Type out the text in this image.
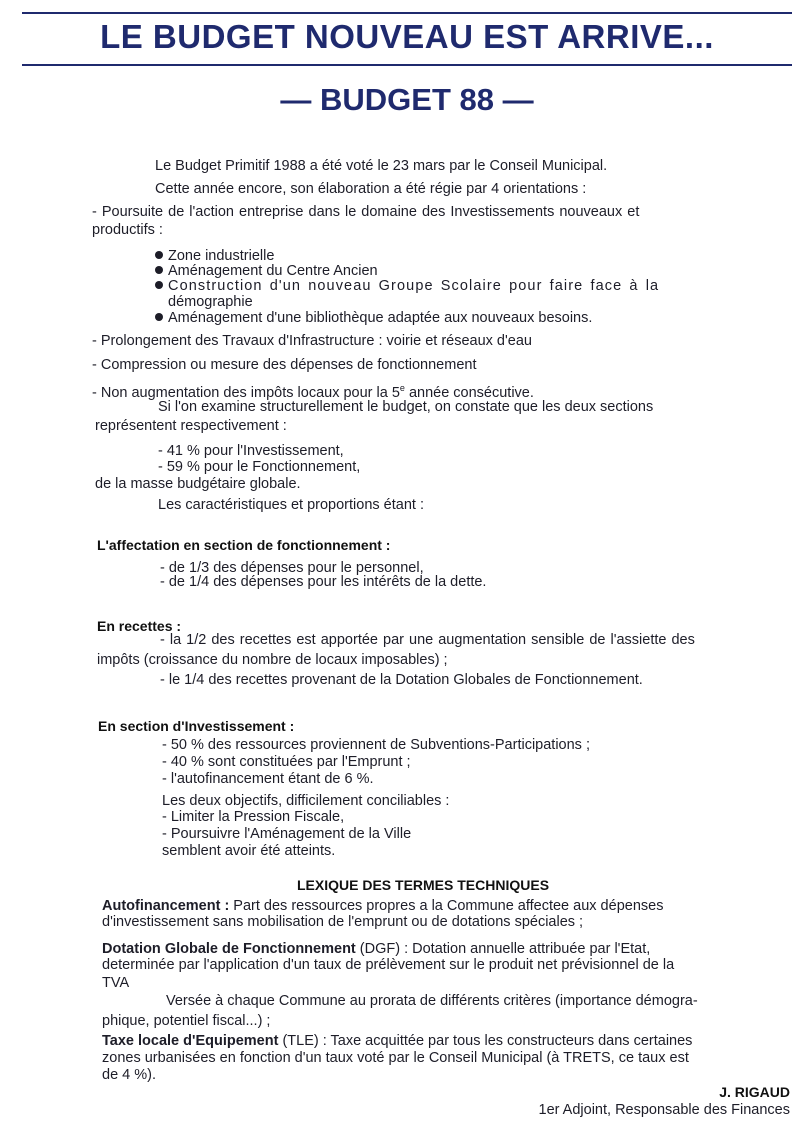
LE BUDGET NOUVEAU EST ARRIVE...
— BUDGET 88 —
Le Budget Primitif 1988 a été voté le 23 mars par le Conseil Municipal.
Cette année encore, son élaboration a été régie par 4 orientations :
- Poursuite de l'action entreprise dans le domaine des Investissements nouveaux et
productifs :
Zone industrielle
Aménagement du Centre Ancien
Construction d'un nouveau Groupe Scolaire pour faire face à la
démographie
Aménagement d'une bibliothèque adaptée aux nouveaux besoins.
- Prolongement des Travaux d'Infrastructure : voirie et réseaux d'eau
- Compression ou mesure des dépenses de fonctionnement
- Non augmentation des impôts locaux pour la 5e année consécutive.
Si l'on examine structurellement le budget, on constate que les deux sections
représentent respectivement :
- 41 % pour l'Investissement,
- 59 % pour le Fonctionnement,
de la masse budgétaire globale.
Les caractéristiques et proportions étant :
L'affectation en section de fonctionnement :
- de 1/3 des dépenses pour le personnel,
- de 1/4 des dépenses pour les intérêts de la dette.
En recettes :
- la 1/2 des recettes est apportée par une augmentation sensible de l'assiette des
impôts (croissance du nombre de locaux imposables) ;
- le 1/4 des recettes provenant de la Dotation Globales de Fonctionnement.
En section d'Investissement :
- 50 % des ressources proviennent de Subventions-Participations ;
- 40 % sont constituées par l'Emprunt ;
- l'autofinancement étant de 6 %.
Les deux objectifs, difficilement conciliables :
- Limiter la Pression Fiscale,
- Poursuivre l'Aménagement de la Ville
semblent avoir été atteints.
LEXIQUE DES TERMES TECHNIQUES
Autofinancement : Part des ressources propres a la Commune affectee aux dépenses
d'investissement sans mobilisation de l'emprunt ou de dotations spéciales ;
Dotation Globale de Fonctionnement (DGF) : Dotation annuelle attribuée par l'Etat,
determinée par l'application d'un taux de prélèvement sur le produit net prévisionnel de la
TVA
Versée à chaque Commune au prorata de différents critères (importance démogra-
phique, potentiel fiscal...) ;
Taxe locale d'Equipement (TLE) : Taxe acquittée par tous les constructeurs dans certaines
zones urbanisées en fonction d'un taux voté par le Conseil Municipal (à TRETS, ce taux est
de 4 %).
J. RIGAUD
1er Adjoint, Responsable des Finances
